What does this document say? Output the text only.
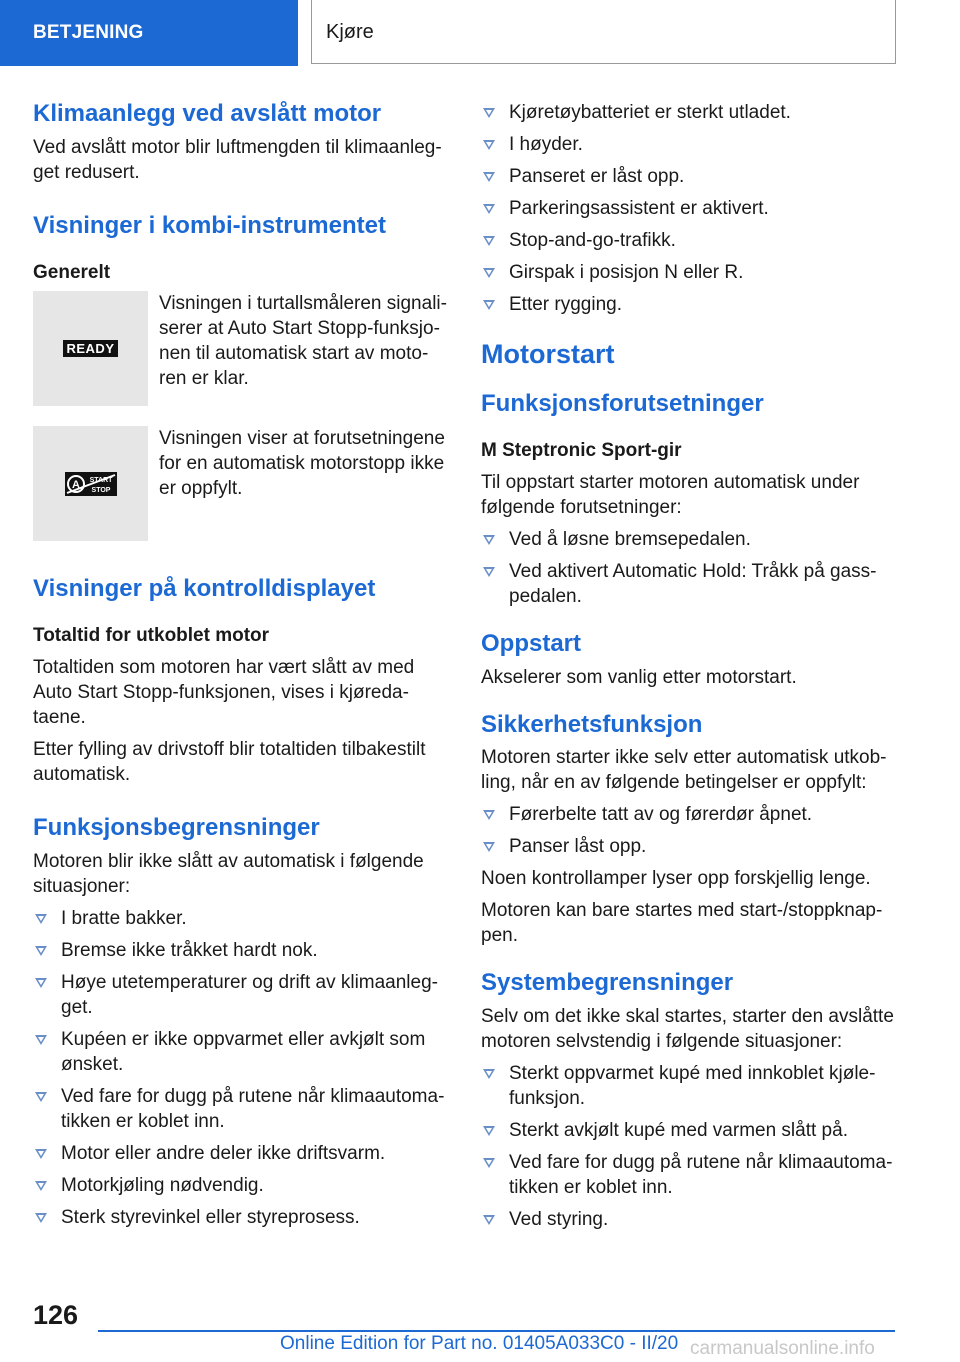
BETJENING	Kjøre
Klimaanlegg ved avslått motor

Ved avslått motor blir luftmengden til klimaanleg-get redusert.

Visninger i kombi-instrumentet
Generelt
READY

Visningen i turtallsmåleren signali-serer at Auto Start Stopp-funksjo-nen til automatisk start av moto-ren er klar.

A START
STOP

Visningen viser at forutsetningene for en automatisk motorstopp ikke er oppfylt.

Visninger på kontrolldisplayet
Totaltid for utkoblet motor

Totaltiden som motoren har vært slått av med Auto Start Stopp-funksjonen, vises i kjøreda-taene.

Etter fylling av drivstoff blir totaltiden tilbakestilt automatisk.

Funksjonsbegrensninger

Motoren blir ikke slått av automatisk i følgende situasjoner:

I bratte bakker.
Bremse ikke tråkket hardt nok.
Høye utetemperaturer og drift av klimaanleg-get.
Kupéen er ikke oppvarmet eller avkjølt som ønsket.
Ved fare for dugg på rutene når klimaautoma-tikken er koblet inn.
Motor eller andre deler ikke driftsvarm.
Motorkjøling nødvendig.
Sterk styrevinkel eller styreprosess.
Kjøretøybatteriet er sterkt utladet.
I høyder.
Panseret er låst opp.
Parkeringsassistent er aktivert.
Stop-and-go-trafikk.
Girspak i posisjon N eller R.
Etter rygging.
Motorstart
Funksjonsforutsetninger
M Steptronic Sport-gir

Til oppstart starter motoren automatisk under følgende forutsetninger:

Ved å løsne bremsepedalen.
Ved aktivert Automatic Hold: Tråkk på gass-pedalen.
Oppstart

Akselerer som vanlig etter motorstart.

Sikkerhetsfunksjon

Motoren starter ikke selv etter automatisk utkob-ling, når en av følgende betingelser er oppfylt:

Førerbelte tatt av og førerdør åpnet.
Panser låst opp.

Noen kontrollamper lyser opp forskjellig lenge.

Motoren kan bare startes med start-/stoppknap-pen.

Systembegrensninger

Selv om det ikke skal startes, starter den avslåtte motoren selvstendig i følgende situasjoner:

Sterkt oppvarmet kupé med innkoblet kjøle-funksjon.
Sterkt avkjølt kupé med varmen slått på.
Ved fare for dugg på rutene når klimaautoma-tikken er koblet inn.
Ved styring.
126
Online Edition for Part no. 01405A033C0 - II/20 carmanualsonline.info
